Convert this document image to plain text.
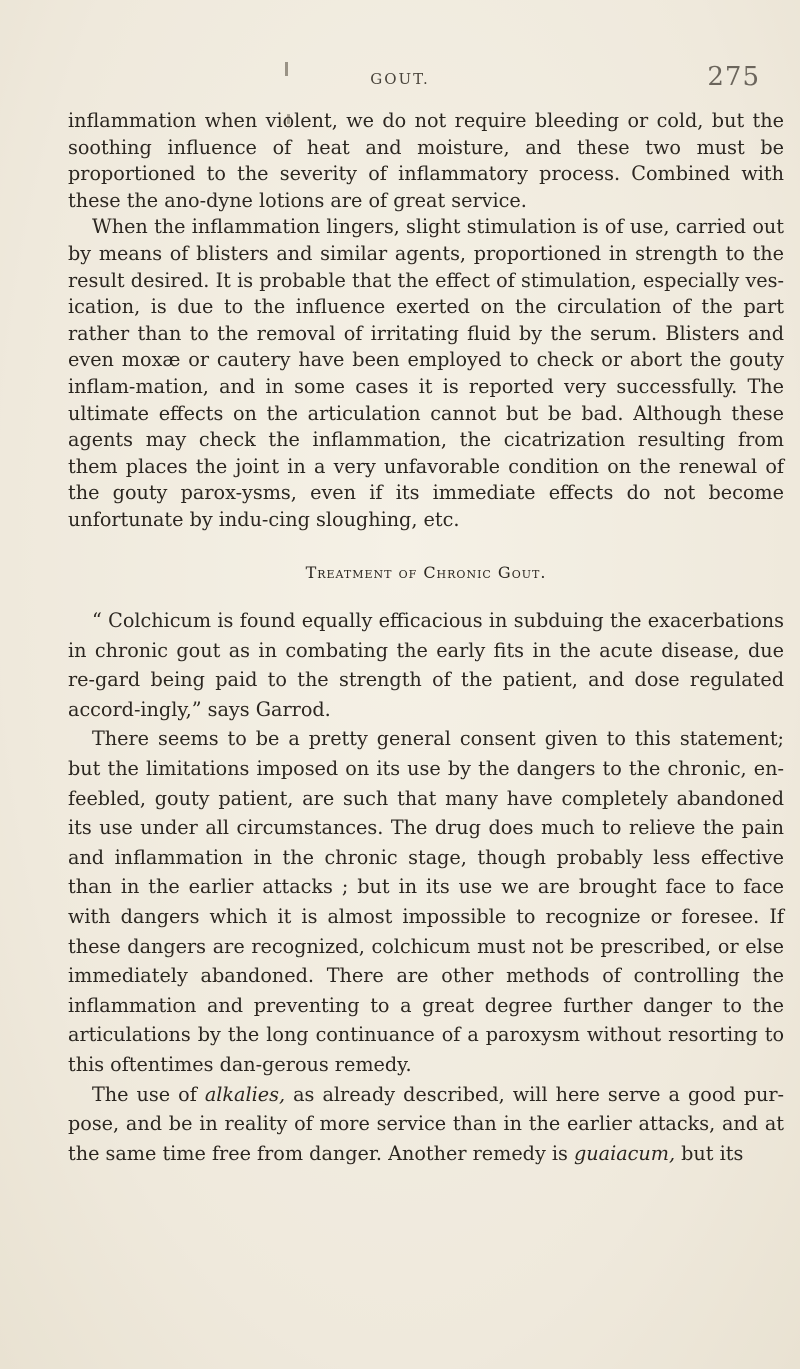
GOUT.	275

inflammation when violent, we do not require bleeding or cold, but the soothing influence of heat and moisture, and these two must be proportioned to the severity of inflammatory process. Combined with these the ano-dyne lotions are of great service.

When the inflammation lingers, slight stimulation is of use, carried out by means of blisters and similar agents, proportioned in strength to the result desired. It is probable that the effect of stimulation, especially ves-ication, is due to the influence exerted on the circulation of the part rather than to the removal of irritating fluid by the serum. Blisters and even moxæ or cautery have been employed to check or abort the gouty inflam-mation, and in some cases it is reported very successfully. The ultimate effects on the articulation cannot but be bad. Although these agents may check the inflammation, the cicatrization resulting from them places the joint in a very unfavorable condition on the renewal of the gouty parox-ysms, even if its immediate effects do not become unfortunate by indu-cing sloughing, etc.

Treatment of Chronic Gout.

“ Colchicum is found equally efficacious in subduing the exacerbations in chronic gout as in combating the early fits in the acute disease, due re-gard being paid to the strength of the patient, and dose regulated accord-ingly,” says Garrod.

There seems to be a pretty general consent given to this statement; but the limitations imposed on its use by the dangers to the chronic, en-feebled, gouty patient, are such that many have completely abandoned its use under all circumstances. The drug does much to relieve the pain and inflammation in the chronic stage, though probably less effective than in the earlier attacks ; but in its use we are brought face to face with dangers which it is almost impossible to recognize or foresee. If these dangers are recognized, colchicum must not be prescribed, or else immediately abandoned. There are other methods of controlling the inflammation and preventing to a great degree further danger to the articulations by the long continuance of a paroxysm without resorting to this oftentimes dan-gerous remedy.

The use of alkalies, as already described, will here serve a good pur-pose, and be in reality of more service than in the earlier attacks, and at the same time free from danger. Another remedy is guaiacum, but its
